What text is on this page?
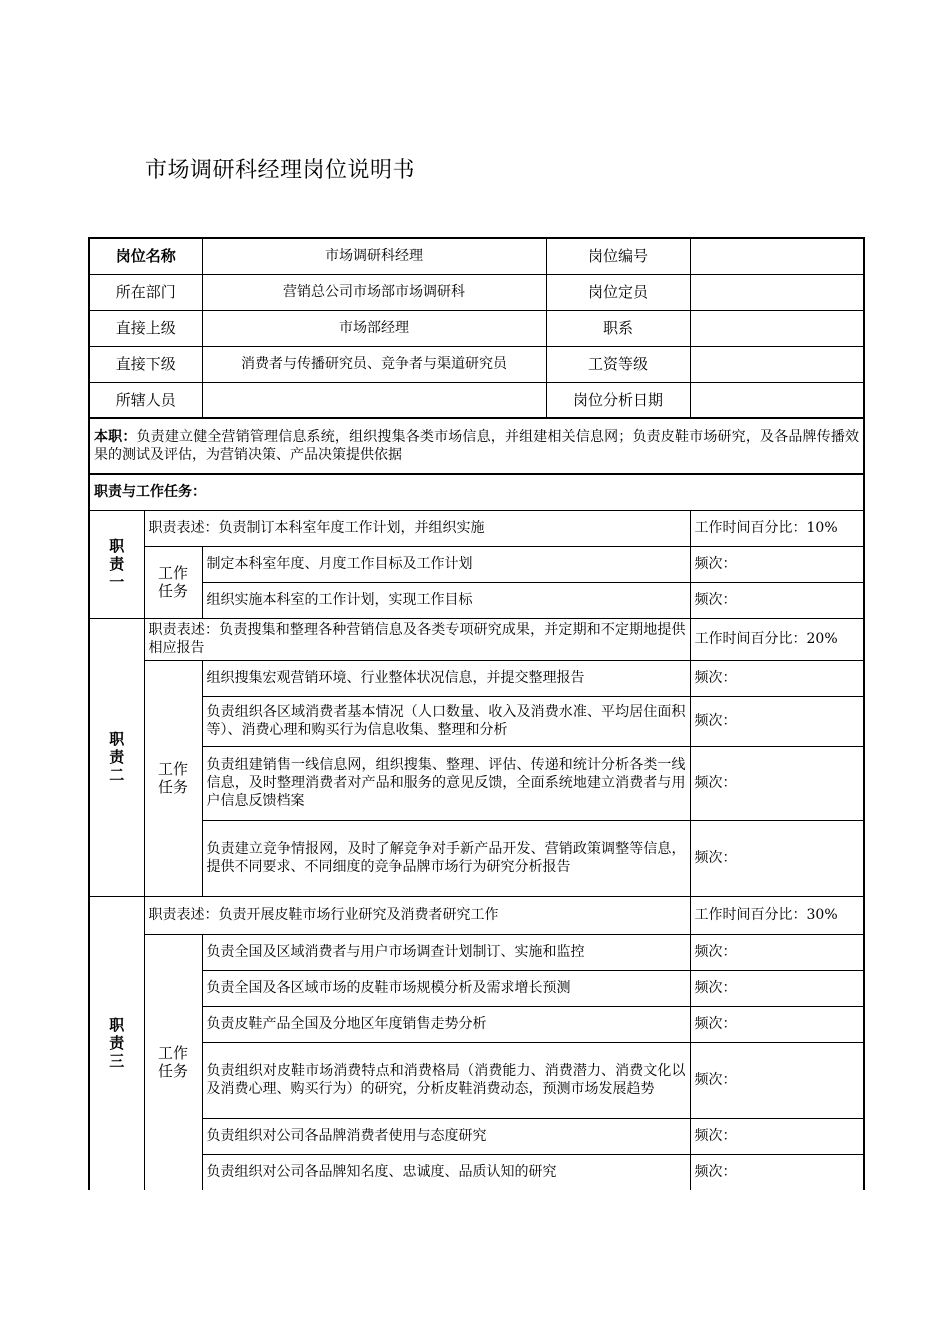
市场调研科经理岗位说明书
岗位名称		市场调研科经理	岗位编号	
所在部门		营销总公司市场部市场调研科	岗位定员	
直接上级		市场部经理	职系	
直接下级		消费者与传播研究员、竞争者与渠道研究员	工资等级	
所辖人员			岗位分析日期	
本职：负责建立健全营销管理信息系统，组织搜集各类市场信息，并组建相关信息网；负责皮鞋市场研究，及各品牌传播效果的测试及评估，为营销决策、产品决策提供依据				
职责与工作任务：				

职
责
一	职责表述：负责制订本科室年度工作计划，并组织实施			工作时间百分比：10%

	工作
任务	制定本科室年度、月度工作目标及工作计划		频次：
		组织实施本科室的工作计划，实现工作目标		频次：

职
责
二	职责表述：负责搜集和整理各种营销信息及各类专项研究成果，并定期和不定期地提供相应报告			工作时间百分比：20%

	工作
任务	组织搜集宏观营销环境、行业整体状况信息，并提交整理报告		频次：
		负责组织各区域消费者基本情况（人口数量、收入及消费水准、平均居住面积等）、消费心理和购买行为信息收集、整理和分析		频次：
		负责组建销售一线信息网，组织搜集、整理、评估、传递和统计分析各类一线信息，及时整理消费者对产品和服务的意见反馈，全面系统地建立消费者与用户信息反馈档案		频次：
		负责建立竞争情报网，及时了解竞争对手新产品开发、营销政策调整等信息，提供不同要求、不同细度的竞争品牌市场行为研究分析报告		频次：

职
责
三	职责表述：负责开展皮鞋市场行业研究及消费者研究工作			工作时间百分比：30%

	工作
任务	负责全国及区域消费者与用户市场调查计划制订、实施和监控		频次：
		负责全国及各区域市场的皮鞋市场规模分析及需求增长预测		频次：
		负责皮鞋产品全国及分地区年度销售走势分析		频次：
		负责组织对皮鞋市场消费特点和消费格局（消费能力、消费潜力、消费文化以及消费心理、购买行为）的研究，分析皮鞋消费动态，预测市场发展趋势		频次：
		负责组织对公司各品牌消费者使用与态度研究		频次：
		负责组织对公司各品牌知名度、忠诚度、品质认知的研究		频次：
